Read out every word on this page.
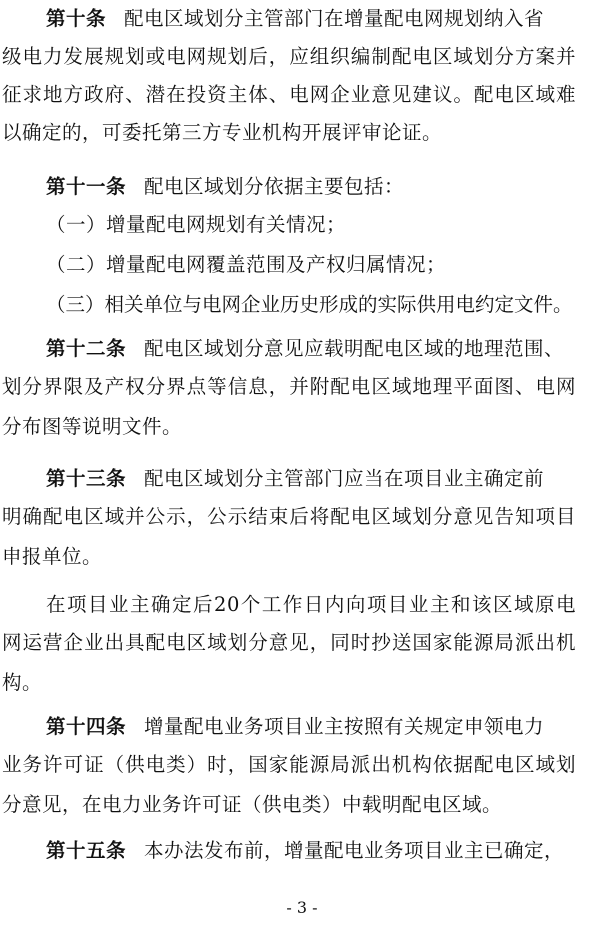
第十条 配电区域划分主管部门在增量配电网规划纳入省
级电力发展规划或电网规划后，应组织编制配电区域划分方案并
征求地方政府、潜在投资主体、电网企业意见建议。配电区域难
以确定的，可委托第三方专业机构开展评审论证。
第十一条 配电区域划分依据主要包括：
（一）增量配电网规划有关情况；
（二）增量配电网覆盖范围及产权归属情况；
（三）相关单位与电网企业历史形成的实际供用电约定文件。
第十二条 配电区域划分意见应载明配电区域的地理范围、
划分界限及产权分界点等信息，并附配电区域地理平面图、电网
分布图等说明文件。
第十三条 配电区域划分主管部门应当在项目业主确定前
明确配电区域并公示，公示结束后将配电区域划分意见告知项目
申报单位。
在项目业主确定后20个工作日内向项目业主和该区域原电
网运营企业出具配电区域划分意见，同时抄送国家能源局派出机
构。
第十四条 增量配电业务项目业主按照有关规定申领电力
业务许可证（供电类）时，国家能源局派出机构依据配电区域划
分意见，在电力业务许可证（供电类）中载明配电区域。
第十五条 本办法发布前，增量配电业务项目业主已确定，
- 3 -
